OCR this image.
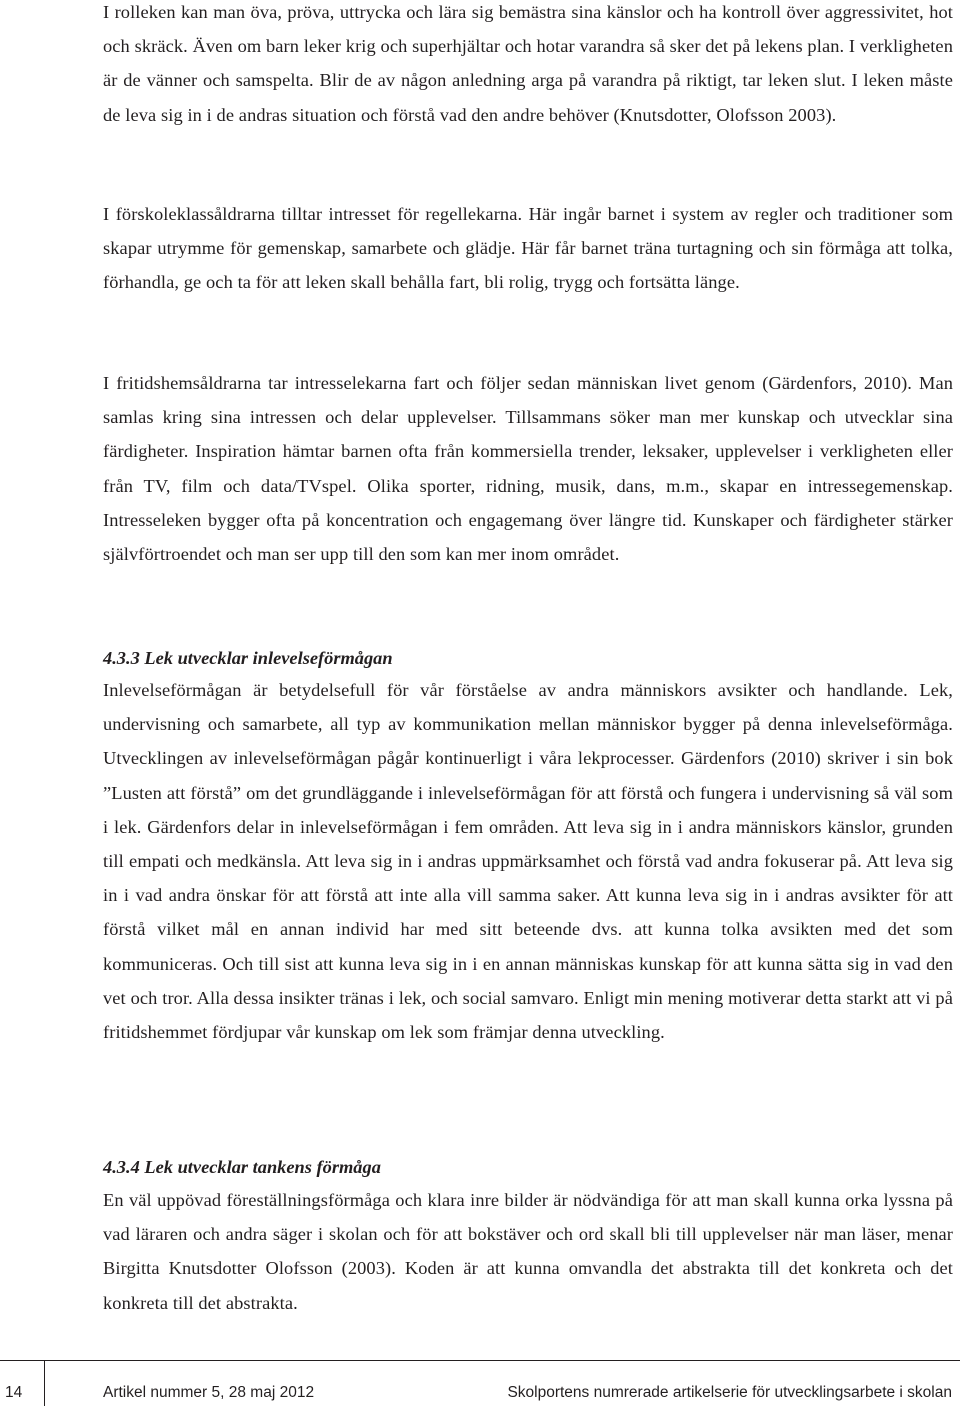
I rolleken kan man öva, pröva, uttrycka och lära sig bemästra sina känslor och ha kontroll över aggressivitet, hot och skräck. Även om barn leker krig och superhjältar och hotar varandra så sker det på lekens plan. I verkligheten är de vänner och samspelta. Blir de av någon anledning arga på varandra på riktigt, tar leken slut. I leken måste de leva sig in i de andras situation och förstå vad den andre behöver (Knutsdotter, Olofsson 2003).

I förskoleklassåldrarna tilltar intresset för regellekarna. Här ingår barnet i system av regler och traditioner som skapar utrymme för gemenskap, samarbete och glädje. Här får barnet träna turtagning och sin förmåga att tolka, förhandla, ge och ta för att leken skall behålla fart, bli rolig, trygg och fortsätta länge.

I fritidshemsåldrarna tar intresselekarna fart och följer sedan människan livet genom (Gärdenfors, 2010). Man samlas kring sina intressen och delar upplevelser. Tillsammans söker man mer kunskap och utvecklar sina färdigheter. Inspiration hämtar barnen ofta från kommersiella trender, leksaker, upplevelser i verkligheten eller från TV, film och data/TVspel. Olika sporter, ridning, musik, dans, m.m., skapar en intressegemenskap. Intresseleken bygger ofta på koncentration och engagemang över längre tid. Kunskaper och färdigheter stärker självförtroendet och man ser upp till den som kan mer inom området.

4.3.3 Lek utvecklar inlevelseförmågan

Inlevelseförmågan är betydelsefull för vår förståelse av andra människors avsikter och handlande. Lek, undervisning och samarbete, all typ av kommunikation mellan människor bygger på denna inlevelseförmåga. Utvecklingen av inlevelseförmågan pågår kontinuerligt i våra lekprocesser. Gärdenfors (2010) skriver i sin bok ”Lusten att förstå” om det grundläggande i inlevelseförmågan för att förstå och fungera i undervisning så väl som i lek. Gärdenfors delar in inlevelseförmågan i fem områden. Att leva sig in i andra människors känslor, grunden till empati och medkänsla. Att leva sig in i andras uppmärksamhet och förstå vad andra fokuserar på. Att leva sig in i vad andra önskar för att förstå att inte alla vill samma saker. Att kunna leva sig in i andras avsikter för att förstå vilket mål en annan individ har med sitt beteende dvs. att kunna tolka avsikten med det som kommuniceras. Och till sist att kunna leva sig in i en annan människas kunskap för att kunna sätta sig in vad den vet och tror. Alla dessa insikter tränas i lek, och social samvaro. Enligt min mening motiverar detta starkt att vi på fritidshemmet fördjupar vår kunskap om lek som främjar denna utveckling.

4.3.4 Lek utvecklar tankens förmåga

En väl uppövad föreställningsförmåga och klara inre bilder är nödvändiga för att man skall kunna orka lyssna på vad läraren och andra säger i skolan och för att bokstäver och ord skall bli till upplevelser när man läser, menar Birgitta Knutsdotter Olofsson (2003). Koden är att kunna omvandla det abstrakta till det konkreta och det konkreta till det abstrakta.

14	Artikel nummer 5, 28 maj 2012	Skolportens numrerade artikelserie för utvecklingsarbete i skolan
